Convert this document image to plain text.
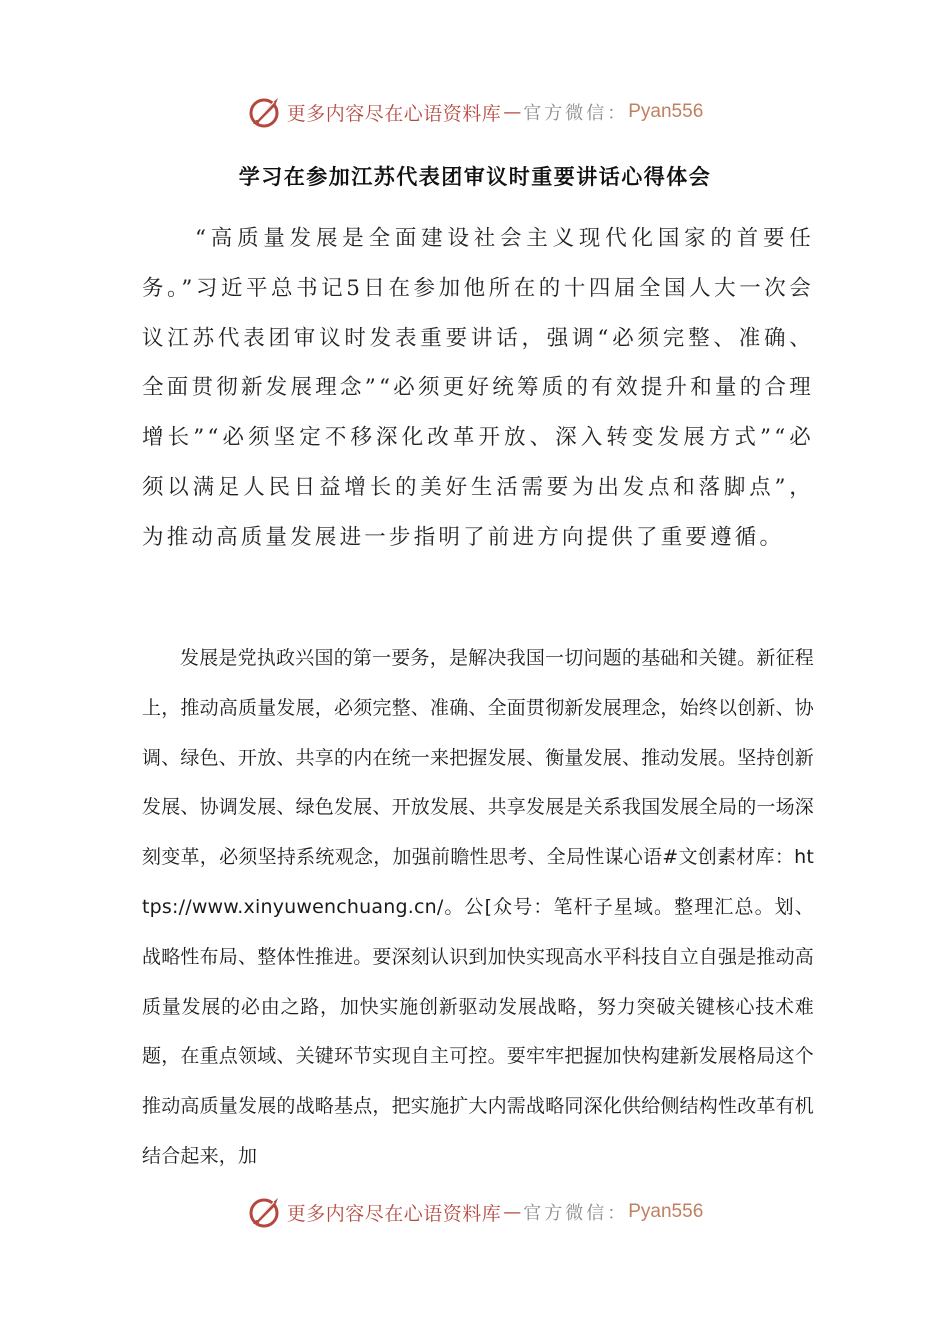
更多内容尽在心语资料库 — 官方微信： Pyan556
学习在参加江苏代表团审议时重要讲话心得体会

“高质量发展是全面建设社会主义现代化国家的首要任务。”习近平总书记5日在参加他所在的十四届全国人大一次会议江苏代表团审议时发表重要讲话，强调“必须完整、准确、全面贯彻新发展理念”“必须更好统筹质的有效提升和量的合理增长”“必须坚定不移深化改革开放、深入转变发展方式”“必须以满足人民日益增长的美好生活需要为出发点和落脚点”，为推动高质量发展进一步指明了前进方向提供了重要遵循。

发展是党执政兴国的第一要务，是解决我国一切问题的基础和关键。新征程上，推动高质量发展，必须完整、准确、全面贯彻新发展理念，始终以创新、协调、绿色、开放、共享的内在统一来把握发展、衡量发展、推动发展。坚持创新发展、协调发展、绿色发展、开放发展、共享发展是关系我国发展全局的一场深刻变革，必须坚持系统观念，加强前瞻性思考、全局性谋心语#文创素材库：https://www.xinyuwenchuang.cn/。公[众号：笔杆子星域。整理汇总。划、战略性布局、整体性推进。要深刻认识到加快实现高水平科技自立自强是推动高质量发展的必由之路，加快实施创新驱动发展战略，努力突破关键核心技术难题，在重点领域、关键环节实现自主可控。要牢牢把握加快构建新发展格局这个推动高质量发展的战略基点，把实施扩大内需战略同深化供给侧结构性改革有机结合起来，加

更多内容尽在心语资料库 — 官方微信： Pyan556
